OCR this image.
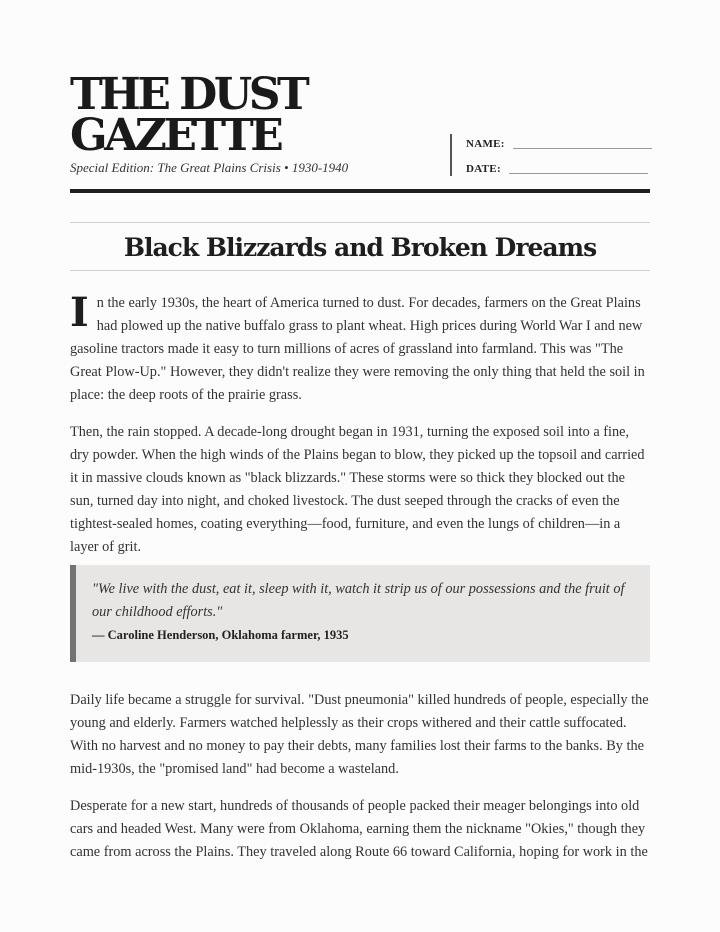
THE DUST GAZETTE
Special Edition: The Great Plains Crisis • 1930-1940
NAME:
DATE:
Black Blizzards and Broken Dreams

In the early 1930s, the heart of America turned to dust. For decades, farmers on the Great Plains had plowed up the native buffalo grass to plant wheat. High prices during World War I and new gasoline tractors made it easy to turn millions of acres of grassland into farmland. This was "The Great Plow-Up." However, they didn't realize they were removing the only thing that held the soil in place: the deep roots of the prairie grass.

Then, the rain stopped. A decade-long drought began in 1931, turning the exposed soil into a fine, dry powder. When the high winds of the Plains began to blow, they picked up the topsoil and carried it in massive clouds known as "black blizzards." These storms were so thick they blocked out the sun, turned day into night, and choked livestock. The dust seeped through the cracks of even the tightest-sealed homes, coating everything—food, furniture, and even the lungs of children—in a layer of grit.

"We live with the dust, eat it, sleep with it, watch it strip us of our possessions and the fruit of our childhood efforts."
— Caroline Henderson, Oklahoma farmer, 1935

Daily life became a struggle for survival. "Dust pneumonia" killed hundreds of people, especially the young and elderly. Farmers watched helplessly as their crops withered and their cattle suffocated. With no harvest and no money to pay their debts, many families lost their farms to the banks. By the mid-1930s, the "promised land" had become a wasteland.

Desperate for a new start, hundreds of thousands of people packed their meager belongings into old cars and headed West. Many were from Oklahoma, earning them the nickname "Okies," though they came from across the Plains. They traveled along Route 66 toward California, hoping for work in the
